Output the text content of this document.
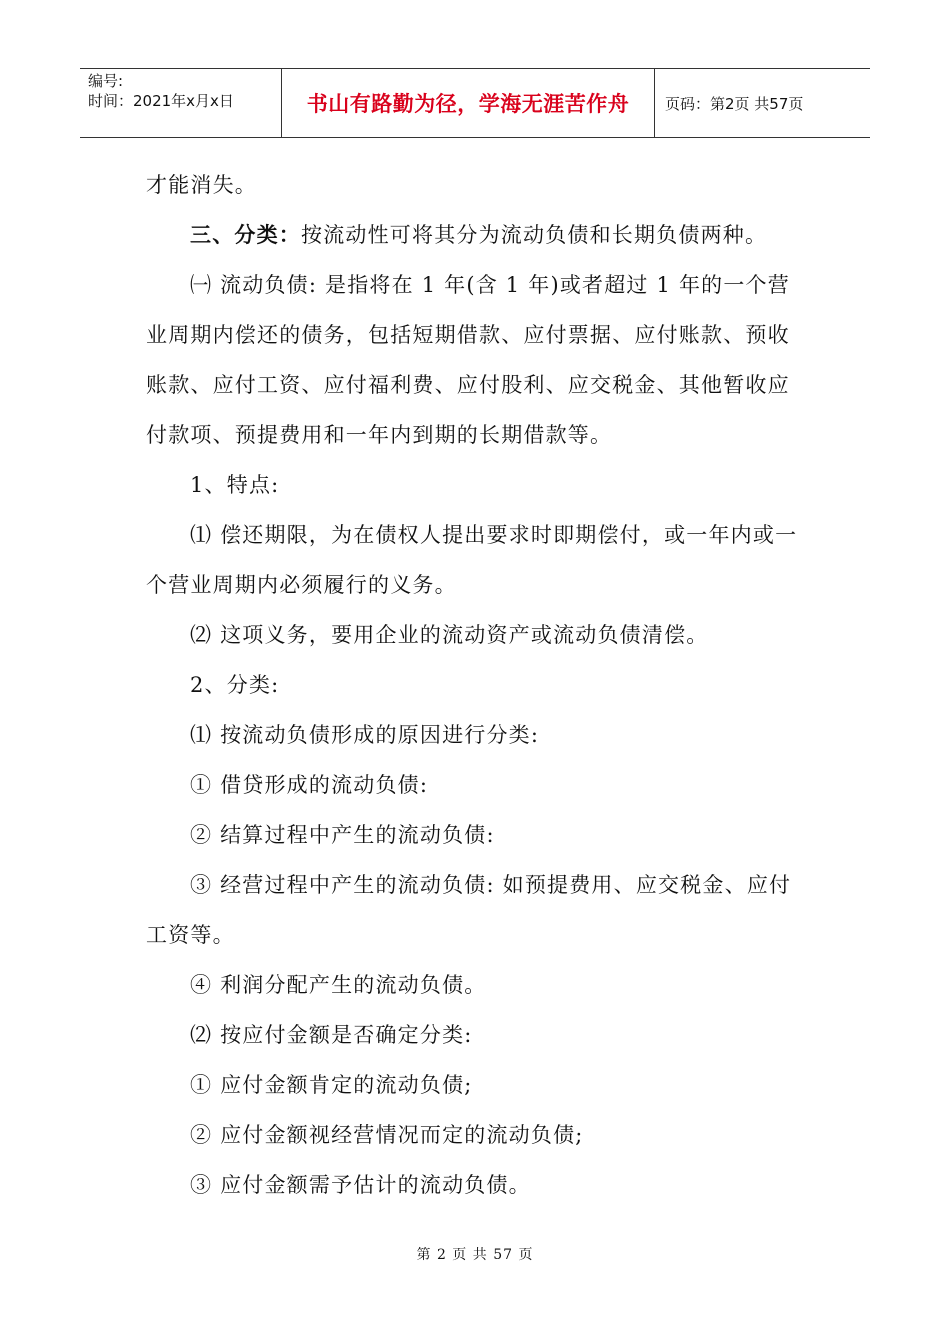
编号:
时间：2021年x月x日	书山有路勤为径，学海无涯苦作舟	页码：第2页 共57页
才能消失。
三、分类：按流动性可将其分为流动负债和长期负债两种。
㈠ 流动负债: 是指将在 1 年(含 1 年)或者超过 1 年的一个营
业周期内偿还的债务，包括短期借款、应付票据、应付账款、预收
账款、应付工资、应付福利费、应付股利、应交税金、其他暂收应
付款项、预提费用和一年内到期的长期借款等。
1、特点:
⑴ 偿还期限，为在债权人提出要求时即期偿付，或一年内或一
个营业周期内必须履行的义务。
⑵ 这项义务，要用企业的流动资产或流动负债清偿。
2、分类:
⑴ 按流动负债形成的原因进行分类:
① 借贷形成的流动负债:
② 结算过程中产生的流动负债:
③ 经营过程中产生的流动负债: 如预提费用、应交税金、应付
工资等。
④ 利润分配产生的流动负债。
⑵ 按应付金额是否确定分类:
① 应付金额肯定的流动负债;
② 应付金额视经营情况而定的流动负债;
③ 应付金额需予估计的流动负债。
第 2 页 共 57 页
